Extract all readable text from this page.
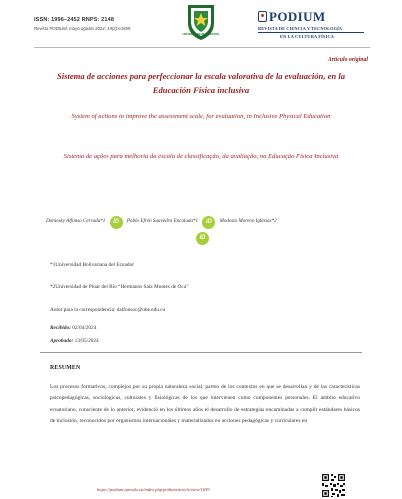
ISSN: 1996–2452 RNPS: 2148
Revista PODIUM, mayo-agosto 2024; 19(2):e1659
UNIVERSIDAD DE PINAR DEL RÍO
PODIUM
REVISTA DE CIENCIA Y TECNOLOGÍA
EN LA CULTURA FÍSICA
Artículo original
Sistema de acciones para perfeccionar la escala valorativa de la evaluación, en la Educación Física inclusiva
System of actions to improve the assessment scale, for evaluation, in Inclusive Physical Education
Sistema de ações para melhoria da escala de classificação, da avaliação, na Educação Física Inclusiva
Daniesky Alfonso Cerrada*1 iD Pablo Efrén Saavedra Encalada*1 iD Modesto Moreno Iglesias*2
iD
*1Universidad Bolivariana del Ecuador
*2Universidad de Pinar del Río “Hermanos Saíz Montes de Oca”
Autor para la correspondencia: dalfonsoc@ube.edu.cu
Recibido: 02/04/2024
Aprobado: 13/05/2024
RESUMEN
Los procesos formativos, complejos por su propia naturaleza social, parten de los contextos en que se desarrollan y de las características psicopedagógicas, sociológicas, culturales y fisiológicas de los que intervienen como componentes personales. El ámbito educativo ecuatoriano, consciente de lo anterior, evidenció en los últimos años el desarrollo de estrategias encaminadas a cumplir estándares básicos de inclusión, reconocidos por organismos internacionales y materializados en acciones pedagógicas y curriculares en
https://podium.upr.edu.cu/index.php/podium/article/view/1659
